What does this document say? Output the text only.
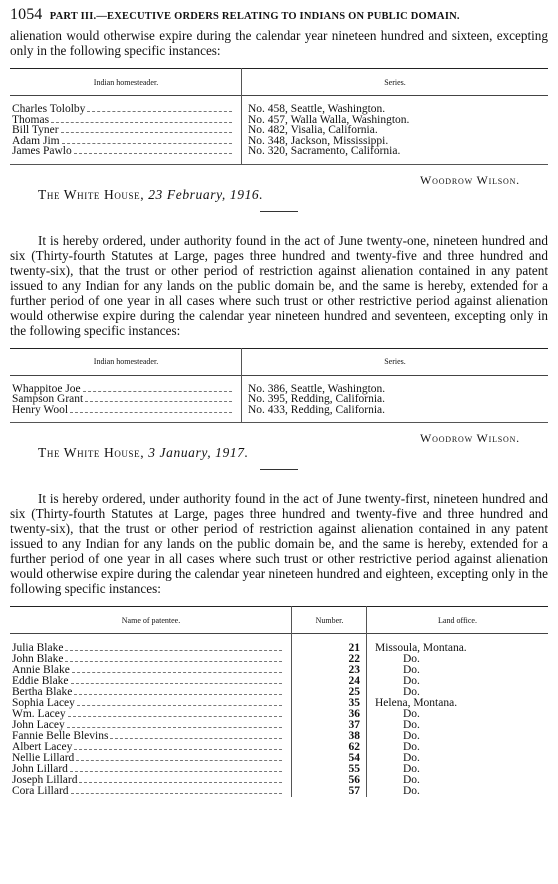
1054 PART III.—EXECUTIVE ORDERS RELATING TO INDIANS ON PUBLIC DOMAIN.

alienation would otherwise expire during the calendar year nineteen hundred and sixteen, excepting only in the following specific instances:

Indian homesteader.	Series.
Charles Tololby	No. 458, Seattle, Washington.
Thomas	No. 457, Walla Walla, Washington.
Bill Tyner	No. 482, Visalia, California.
Adam Jim	No. 348, Jackson, Mississippi.
James Pawlo	No. 320, Sacramento, California.
Woodrow Wilson.
The White House, 23 February, 1916.

It is hereby ordered, under authority found in the act of June twenty-one, nineteen hundred and six (Thirty-fourth Statutes at Large, pages three hundred and twenty-five and three hundred and twenty-six), that the trust or other period of restriction against alienation contained in any patent issued to any Indian for any lands on the public domain be, and the same is hereby, extended for a further period of one year in all cases where such trust or other restrictive period against alienation would otherwise expire during the calendar year nineteen hundred and seventeen, excepting only in the following specific instances:

Indian homesteader.	Series.
Whappitoe Joe	No. 386, Seattle, Washington.
Sampson Grant	No. 395, Redding, California.
Henry Wool	No. 433, Redding, California.
Woodrow Wilson.
The White House, 3 January, 1917.

It is hereby ordered, under authority found in the act of June twenty-first, nineteen hundred and six (Thirty-fourth Statutes at Large, pages three hundred and twenty-five and three hundred and twenty-six), that the trust or other period of restriction against alienation contained in any patent issued to any Indian for any lands on the public domain be, and the same is hereby, extended for a further period of one year in all cases where such trust or other restrictive period against alienation would otherwise expire during the calendar year nineteen hundred and eighteen, excepting only in the following specific instances:

Name of patentee.	Number.	Land office.
Julia Blake	21	Missoula, Montana.
John Blake	22	Do.
Annie Blake	23	Do.
Eddie Blake	24	Do.
Bertha Blake	25	Do.
Sophia Lacey	35	Helena, Montana.
Wm. Lacey	36	Do.
John Lacey	37	Do.
Fannie Belle Blevins	38	Do.
Albert Lacey	62	Do.
Nellie Lillard	54	Do.
John Lillard	55	Do.
Joseph Lillard	56	Do.
Cora Lillard	57	Do.
